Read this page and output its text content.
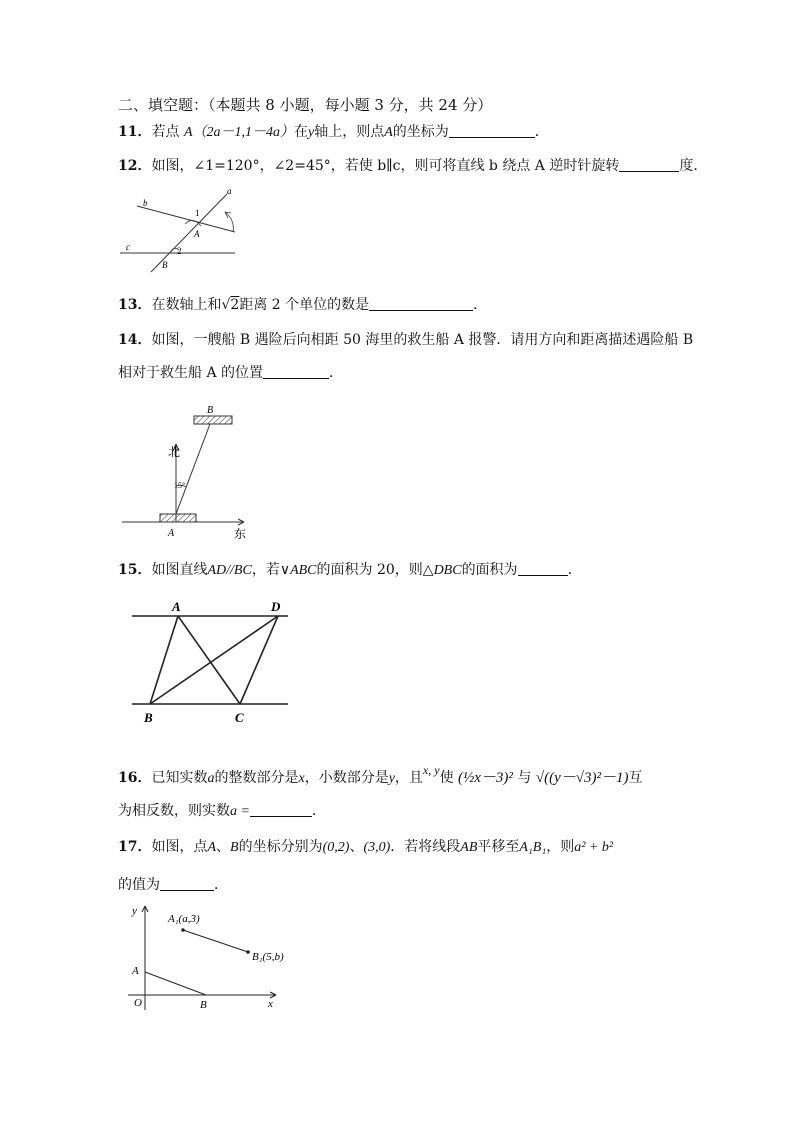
二、填空题：（本题共 8 小题，每小题 3 分，共 24 分）
11．若点 A（2a－1,1－4a）在y轴上，则点A的坐标为	．
12．如图，∠1=120°，∠2=45°，若使 b∥c，则可将直线 b 绕点 A 逆时针旋转	度.
a
b
c
1
2
A
B
13．在数轴上和√2距离 2 个单位的数是	．
14．如图，一艘船 B 遇险后向相距 50 海里的救生船 A 报警．请用方向和距离描述遇险船 B
相对于救生船 A 的位置	．
B
A
北
东
15°
15．如图直线AD//BC，若∨ABC的面积为 20，则△DBC的面积为	．
A	D
B	C
16．已知实数a的整数部分是x，小数部分是y，且x, y使 (½x－3)² 与 √((y－√3)²－1)互
为相反数，则实数a =	．
17．如图，点A、B的坐标分别为(0,2)、(3,0)．若将线段AB平移至A₁B₁，则a² + b²
的值为	．
y
x
O
A
B
A₁(a,3)
B₁(5,b)
